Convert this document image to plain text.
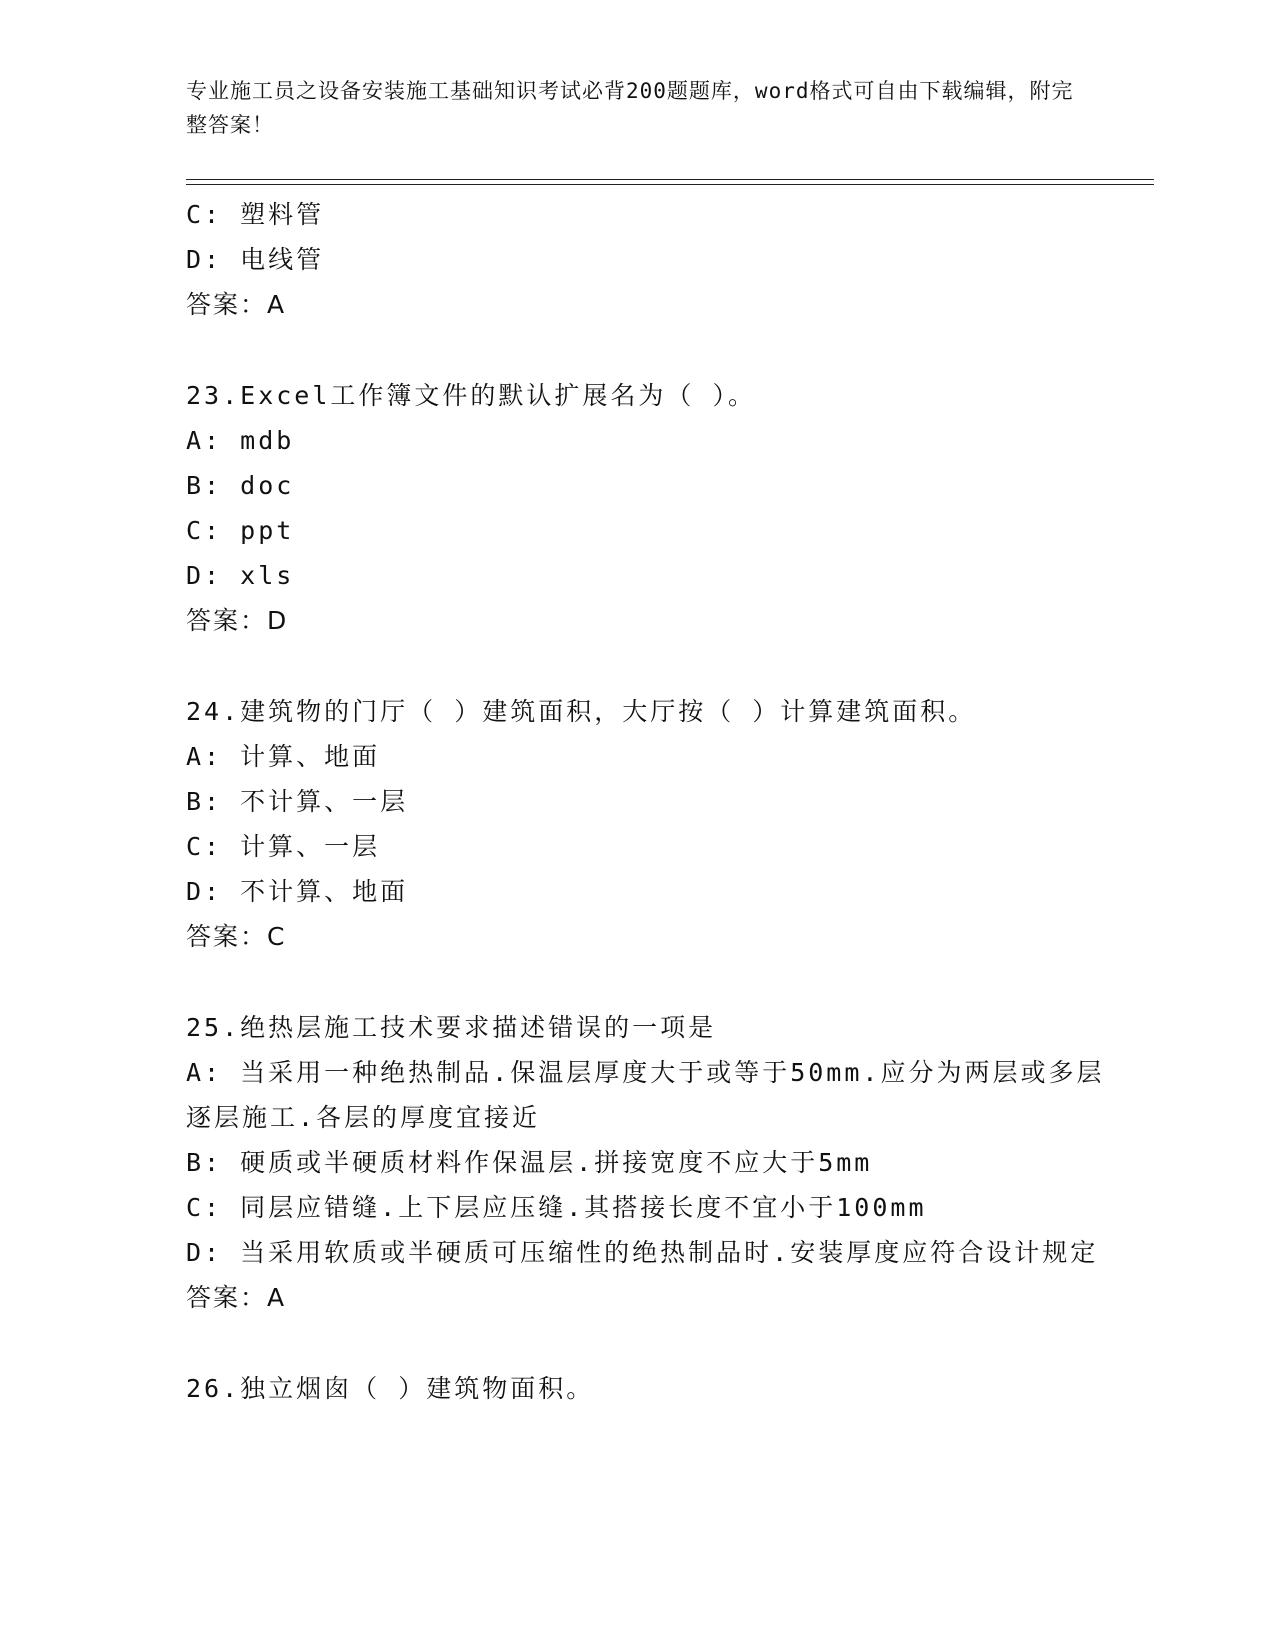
专业施工员之设备安装施工基础知识考试必背200题题库，word格式可自由下载编辑，附完整答案！
C: 塑料管
D: 电线管
答案：A
23.Excel工作簿文件的默认扩展名为（ ）。
A: mdb
B: doc
C: ppt
D: xls
答案：D
24.建筑物的门厅（ ）建筑面积，大厅按（ ）计算建筑面积。
A: 计算、地面
B: 不计算、一层
C: 计算、一层
D: 不计算、地面
答案：C
25.绝热层施工技术要求描述错误的一项是
A: 当采用一种绝热制品.保温层厚度大于或等于50mm.应分为两层或多层逐层施工.各层的厚度宜接近
B: 硬质或半硬质材料作保温层.拼接宽度不应大于5mm
C: 同层应错缝.上下层应压缝.其搭接长度不宜小于100mm
D: 当采用软质或半硬质可压缩性的绝热制品时.安装厚度应符合设计规定
答案：A
26.独立烟囱（ ）建筑物面积。
